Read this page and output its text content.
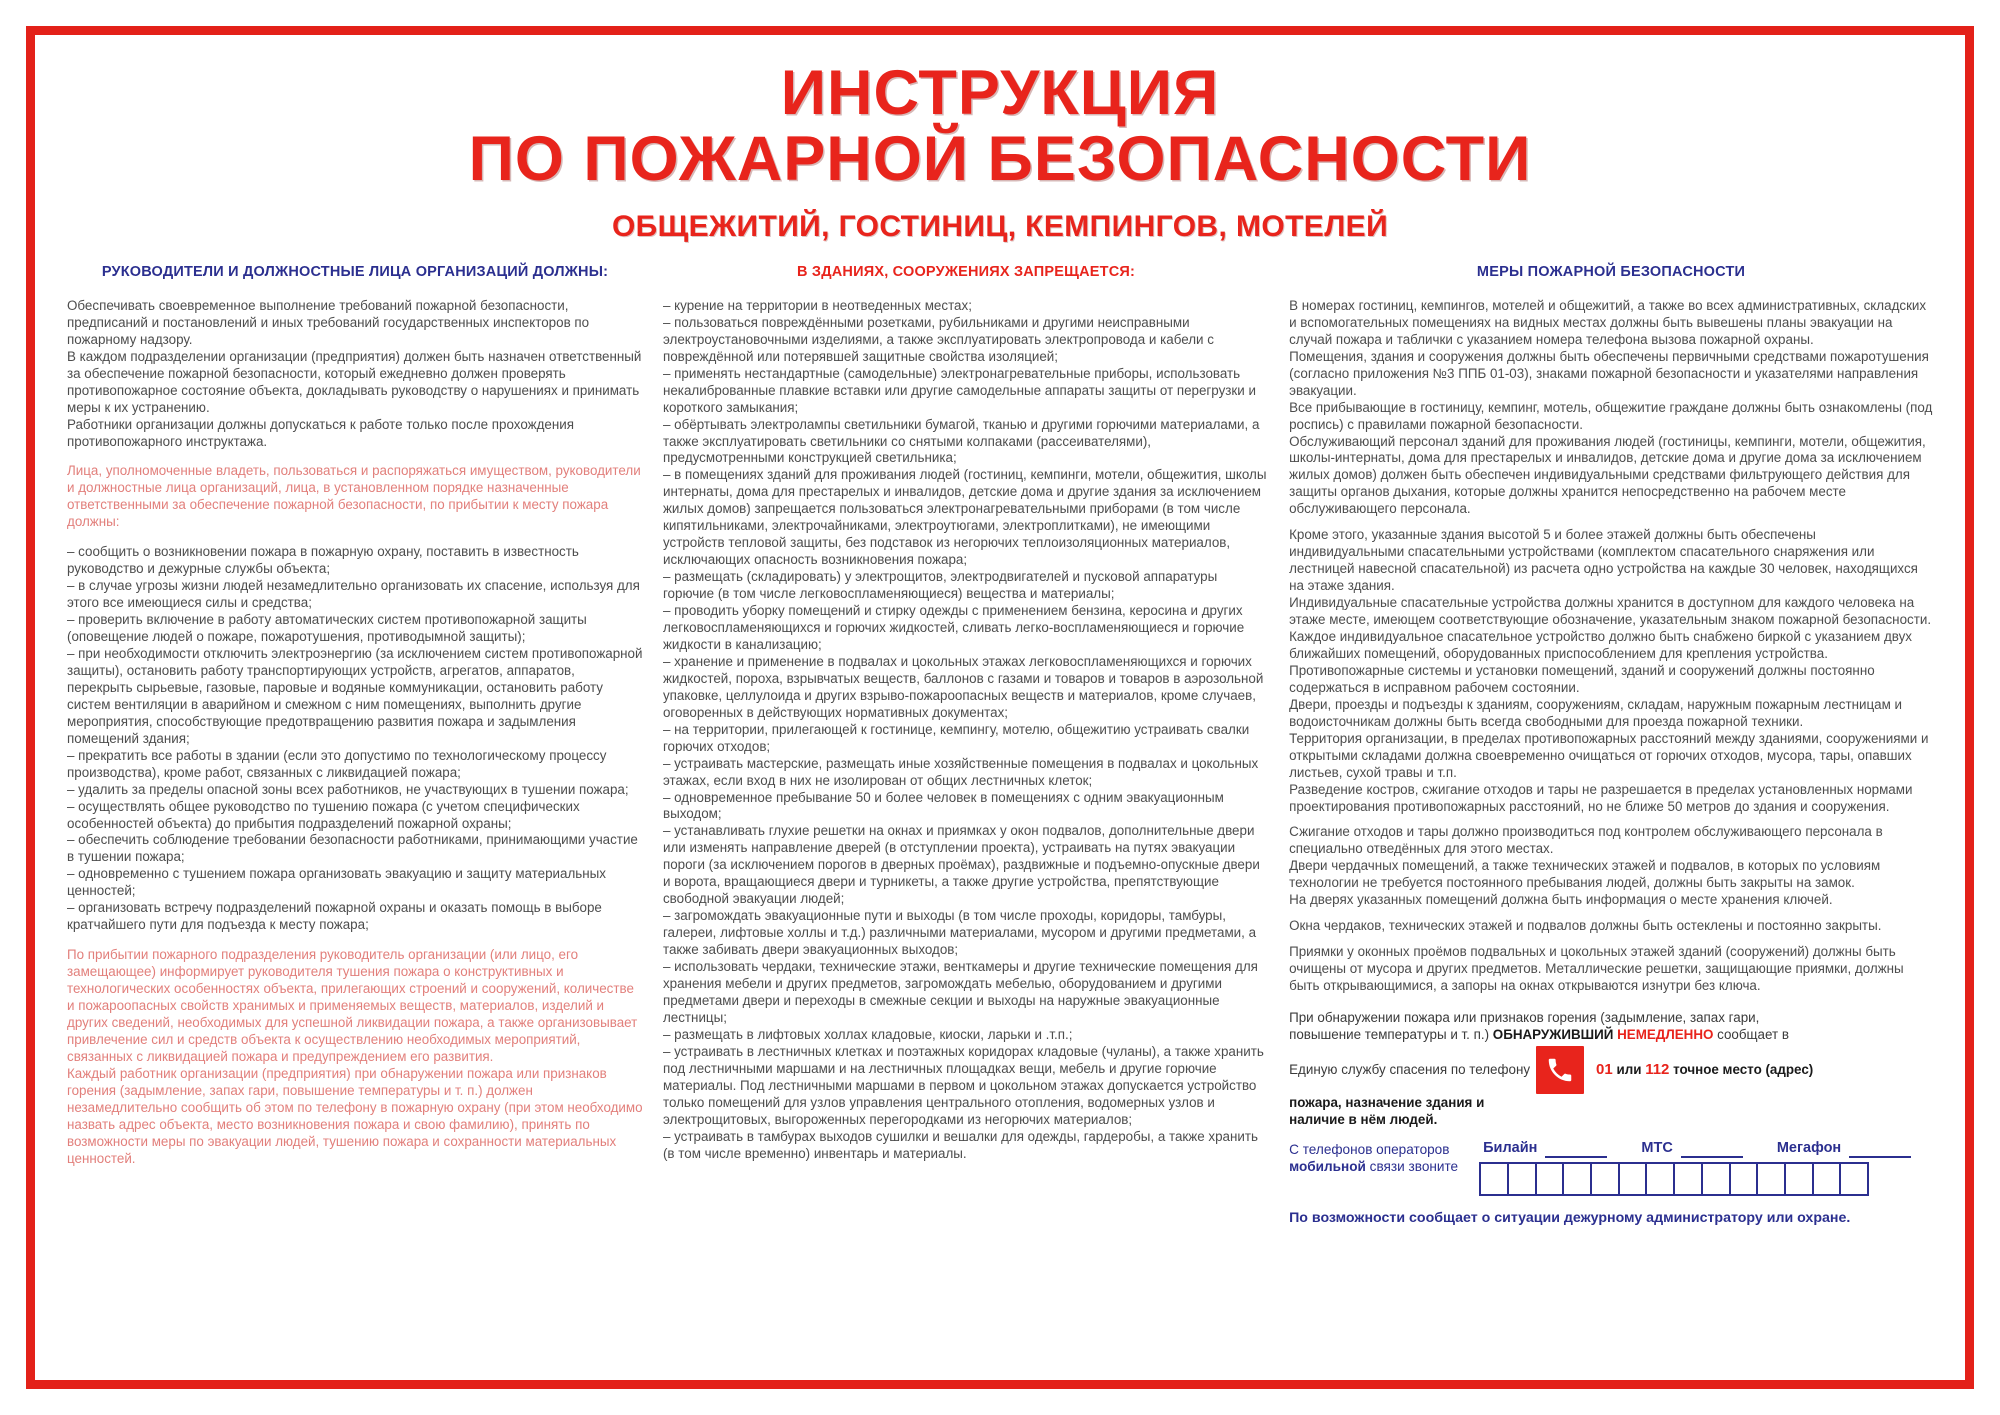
ИНСТРУКЦИЯ
ПО ПОЖАРНОЙ БЕЗОПАСНОСТИ
ОБЩЕЖИТИЙ, ГОСТИНИЦ, КЕМПИНГОВ, МОТЕЛЕЙ
РУКОВОДИТЕЛИ И ДОЛЖНОСТНЫЕ ЛИЦА ОРГАНИЗАЦИЙ ДОЛЖНЫ:

Обеспечивать своевременное выполнение требований пожарной безопасности, предписаний и постановлений и иных требований государственных инспекторов по пожарному надзору.

В каждом подразделении организации (предприятия) должен быть назначен ответственный за обеспечение пожарной безопасности, который ежедневно должен проверять противопожарное состояние объекта, докладывать руководству о нарушениях и принимать меры к их устранению.

Работники организации должны допускаться к работе только после прохождения противопожарного инструктажа.

Лица, уполномоченные владеть, пользоваться и распоряжаться имуществом, руководители и должностные лица организаций, лица, в установленном порядке назначенные ответственными за обеспечение пожарной безопасности, по прибытии к месту пожара должны:

– сообщить о возникновении пожара в пожарную охрану, поставить в известность руководство и дежурные службы объекта;

– в случае угрозы жизни людей незамедлительно организовать их спасение, используя для этого все имеющиеся силы и средства;

– проверить включение в работу автоматических систем противопожарной защиты (оповещение людей о пожаре, пожаротушения, противодымной защиты);

– при необходимости отключить электроэнергию (за исключением систем противопожарной защиты), остановить работу транспортирующих устройств, агрегатов, аппаратов, перекрыть сырьевые, газовые, паровые и водяные коммуникации, остановить работу систем вентиляции в аварийном и смежном с ним помещениях, выполнить другие мероприятия, способствующие предотвращению развития пожара и задымления помещений здания;

– прекратить все работы в здании (если это допустимо по технологическому процессу производства), кроме работ, связанных с ликвидацией пожара;

– удалить за пределы опасной зоны всех работников, не участвующих в тушении пожара;

– осуществлять общее руководство по тушению пожара (с учетом специфических особенностей объекта) до прибытия подразделений пожарной охраны;

– обеспечить соблюдение требовании безопасности работниками, принимающими участие в тушении пожара;

– одновременно с тушением пожара организовать эвакуацию и защиту материальных ценностей;

– организовать встречу подразделений пожарной охраны и оказать помощь в выборе кратчайшего пути для подъезда к месту пожара;

По прибытии пожарного подразделения руководитель организации (или лицо, его замещающее) информирует руководителя тушения пожара о конструктивных и технологических особенностях объекта, прилегающих строений и сооружений, количестве и пожароопасных свойств хранимых и применяемых веществ, материалов, изделий и других сведений, необходимых для успешной ликвидации пожара, а также организовывает привлечение сил и средств объекта к осуществлению необходимых мероприятий, связанных с ликвидацией пожара и предупреждением его развития.

Каждый работник организации (предприятия) при обнаружении пожара или признаков горения (задымление, запах гари, повышение температуры и т. п.) должен незамедлительно сообщить об этом по телефону в пожарную охрану (при этом необходимо назвать адрес объекта, место возникновения пожара и свою фамилию), принять по возможности меры по эвакуации людей, тушению пожара и сохранности материальных ценностей.

В ЗДАНИЯХ, СООРУЖЕНИЯХ ЗАПРЕЩАЕТСЯ:

– курение на территории в неотведенных местах;

– пользоваться повреждёнными розетками, рубильниками и другими неисправными электроустановочными изделиями, а также эксплуатировать электропровода и кабели с повреждённой или потерявшей защитные свойства изоляцией;

– применять нестандартные (самодельные) электронагревательные приборы, использовать некалиброванные плавкие вставки или другие самодельные аппараты защиты от перегрузки и короткого замыкания;

– обёртывать электролампы светильники бумагой, тканью и другими горючими материалами, а также эксплуатировать светильники со снятыми колпаками (рассеивателями), предусмотренными конструкцией светильника;

– в помещениях зданий для проживания людей (гостиниц, кемпинги, мотели, общежития, школы интернаты, дома для престарелых и инвалидов, детские дома и другие здания за исключением жилых домов) запрещается пользоваться электронагревательными приборами (в том числе кипятильниками, электрочайниками, электроутюгами, электроплитками), не имеющими устройств тепловой защиты, без подставок из негорючих теплоизоляционных материалов, исключающих опасность возникновения пожара;

– размещать (складировать) у электрощитов, электродвигателей и пусковой аппаратуры горючие (в том числе легковоспламеняющиеся) вещества и материалы;

– проводить уборку помещений и стирку одежды с применением бензина, керосина и других легковоспламеняющихся и горючих жидкостей, сливать легко-воспламеняющиеся и горючие жидкости в канализацию;

– хранение и применение в подвалах и цокольных этажах легковоспламеняющихся и горючих жидкостей, пороха, взрывчатых веществ, баллонов с газами и товаров и товаров в аэрозольной упаковке, целлулоида и других взрыво-пожароопасных веществ и материалов, кроме случаев, оговоренных в действующих нормативных документах;

– на территории, прилегающей к гостинице, кемпингу, мотелю, общежитию устраивать свалки горючих отходов;

– устраивать мастерские, размещать иные хозяйственные помещения в подвалах и цокольных этажах, если вход в них не изолирован от общих лестничных клеток;

– одновременное пребывание 50 и более человек в помещениях с одним эвакуационным выходом;

– устанавливать глухие решетки на окнах и приямках у окон подвалов, дополнительные двери или изменять направление дверей (в отступлении проекта), устраивать на путях эвакуации пороги (за исключением порогов в дверных проёмах), раздвижные и подъемно-опускные двери и ворота, вращающиеся двери и турникеты, а также другие устройства, препятствующие свободной эвакуации людей;

– загромождать эвакуационные пути и выходы (в том числе проходы, коридоры, тамбуры, галереи, лифтовые холлы и т.д.) различными материалами, мусором и другими предметами, а также забивать двери эвакуационных выходов;

– использовать чердаки, технические этажи, венткамеры и другие технические помещения для хранения мебели и других предметов, загромождать мебелью, оборудованием и другими предметами двери и переходы в смежные секции и выходы на наружные эвакуационные лестницы;

– размещать в лифтовых холлах кладовые, киоски, ларьки и .т.п.;

– устраивать в лестничных клетках и поэтажных коридорах кладовые (чуланы), а также хранить под лестничными маршами и на лестничных площадках вещи, мебель и другие горючие материалы. Под лестничными маршами в первом и цокольном этажах допускается устройство только помещений для узлов управления центрального отопления, водомерных узлов и электрощитовых, выгороженных перегородками из негорючих материалов;

– устраивать в тамбурах выходов сушилки и вешалки для одежды, гардеробы, а также хранить (в том числе временно) инвентарь и материалы.

МЕРЫ ПОЖАРНОЙ БЕЗОПАСНОСТИ

В номерах гостиниц, кемпингов, мотелей и общежитий, а также во всех административных, складских и вспомогательных помещениях на видных местах должны быть вывешены планы эвакуации на случай пожара и таблички с указанием номера телефона вызова пожарной охраны.

Помещения, здания и сооружения должны быть обеспечены первичными средствами пожаротушения (согласно приложения №3 ППБ 01-03), знаками пожарной безопасности и указателями направления эвакуации.

Все прибывающие в гостиницу, кемпинг, мотель, общежитие граждане должны быть ознакомлены (под роспись) с правилами пожарной безопасности.

Обслуживающий персонал зданий для проживания людей (гостиницы, кемпинги, мотели, общежития, школы-интернаты, дома для престарелых и инвалидов, детские дома и другие дома за исключением жилых домов) должен быть обеспечен индивидуальными средствами фильтрующего действия для защиты органов дыхания, которые должны хранится непосредственно на рабочем месте обслуживающего персонала.

Кроме этого, указанные здания высотой 5 и более этажей должны быть обеспечены индивидуальными спасательными устройствами (комплектом спасательного снаряжения или лестницей навесной спасательной) из расчета одно устройства на каждые 30 человек, находящихся на этаже здания.

Индивидуальные спасательные устройства должны хранится в доступном для каждого человека на этаже месте, имеющем соответствующие обозначение, указательным знаком пожарной безопасности.

Каждое индивидуальное спасательное устройство должно быть снабжено биркой с указанием двух ближайших помещений, оборудованных приспособлением для крепления устройства.

Противопожарные системы и установки помещений, зданий и сооружений должны постоянно содержаться в исправном рабочем состоянии.

Двери, проезды и подъезды к зданиям, сооружениям, складам, наружным пожарным лестницам и водоисточникам должны быть всегда свободными для проезда пожарной техники.

Территория организации, в пределах противопожарных расстояний между зданиями, сооружениями и открытыми складами должна своевременно очищаться от горючих отходов, мусора, тары, опавших листьев, сухой травы и т.п.

Разведение костров, сжигание отходов и тары не разрешается в пределах установленных нормами проектирования противопожарных расстояний, но не ближе 50 метров до здания и сооружения.

Сжигание отходов и тары должно производиться под контролем обслуживающего персонала в специально отведённых для этого местах.

Двери чердачных помещений, а также технических этажей и подвалов, в которых по условиям технологии не требуется постоянного пребывания людей, должны быть закрыты на замок.

На дверях указанных помещений должна быть информация о месте хранения ключей.

Окна чердаков, технических этажей и подвалов должны быть остеклены и постоянно закрыты.

Приямки у оконных проёмов подвальных и цокольных этажей зданий (сооружений) должны быть очищены от мусора и других предметов. Металлические решетки, защищающие приямки, должны быть открывающимися, а запоры на окнах открываются изнутри без ключа.

При обнаружении пожара или признаков горения (задымление, запах гари,
повышение температуры и т. п.) ОБНАРУЖИВШИЙ НЕМЕДЛЕННО сообщает в
Единую службу спасения по телефону	01 или 112 точное место (адрес)
пожара, назначение здания и
наличие в нём людей.
С телефонов операторов
мобильной связи звоните
Билайн	МТС	Мегафон
По возможности сообщает о ситуации дежурному администратору или охране.
